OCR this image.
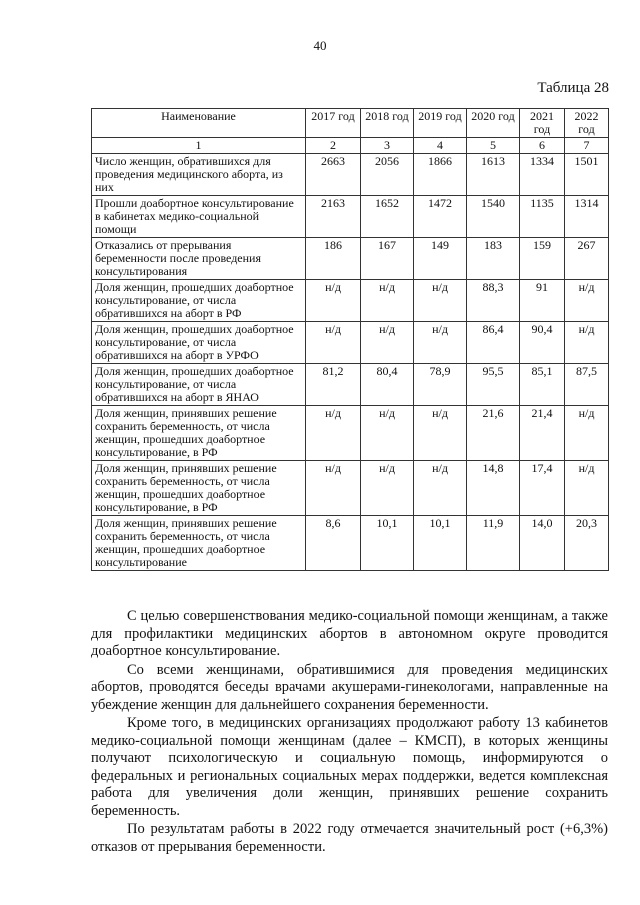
40
Таблица 28
Наименование	2017 год	2018 год	2019 год	2020 год	2021 год	2022 год
1	2	3	4	5	6	7
Число женщин, обратившихся для проведения медицинского аборта, из них	2663	2056	1866	1613	1334	1501
Прошли доабортное консультирование в кабинетах медико-социальной помощи	2163	1652	1472	1540	1135	1314
Отказались от прерывания беременности после проведения консультирования	186	167	149	183	159	267
Доля женщин, прошедших доабортное консультирование, от числа обратившихся на аборт в РФ	н/д	н/д	н/д	88,3	91	н/д
Доля женщин, прошедших доабортное консультирование, от числа обратившихся на аборт в УРФО	н/д	н/д	н/д	86,4	90,4	н/д
Доля женщин, прошедших доабортное консультирование, от числа обратившихся на аборт в ЯНАО	81,2	80,4	78,9	95,5	85,1	87,5
Доля женщин, принявших решение сохранить беременность, от числа женщин, прошедших доабортное консультирование, в РФ	н/д	н/д	н/д	21,6	21,4	н/д
Доля женщин, принявших решение сохранить беременность, от числа женщин, прошедших доабортное консультирование, в РФ	н/д	н/д	н/д	14,8	17,4	н/д
Доля женщин, принявших решение сохранить беременность, от числа женщин, прошедших доабортное консультирование	8,6	10,1	10,1	11,9	14,0	20,3

С целью совершенствования медико-социальной помощи женщинам, а также для профилактики медицинских абортов в автономном округе проводится доабортное консультирование.

Со всеми женщинами, обратившимися для проведения медицинских абортов, проводятся беседы врачами акушерами-гинекологами, направленные на убеждение женщин для дальнейшего сохранения беременности.

Кроме того, в медицинских организациях продолжают работу 13 кабинетов медико-социальной помощи женщинам (далее – КМСП), в которых женщины получают психологическую и социальную помощь, информируются о федеральных и региональных социальных мерах поддержки, ведется комплексная работа для увеличения доли женщин, принявших решение сохранить беременность.

По результатам работы в 2022 году отмечается значительный рост (+6,3%) отказов от прерывания беременности.
